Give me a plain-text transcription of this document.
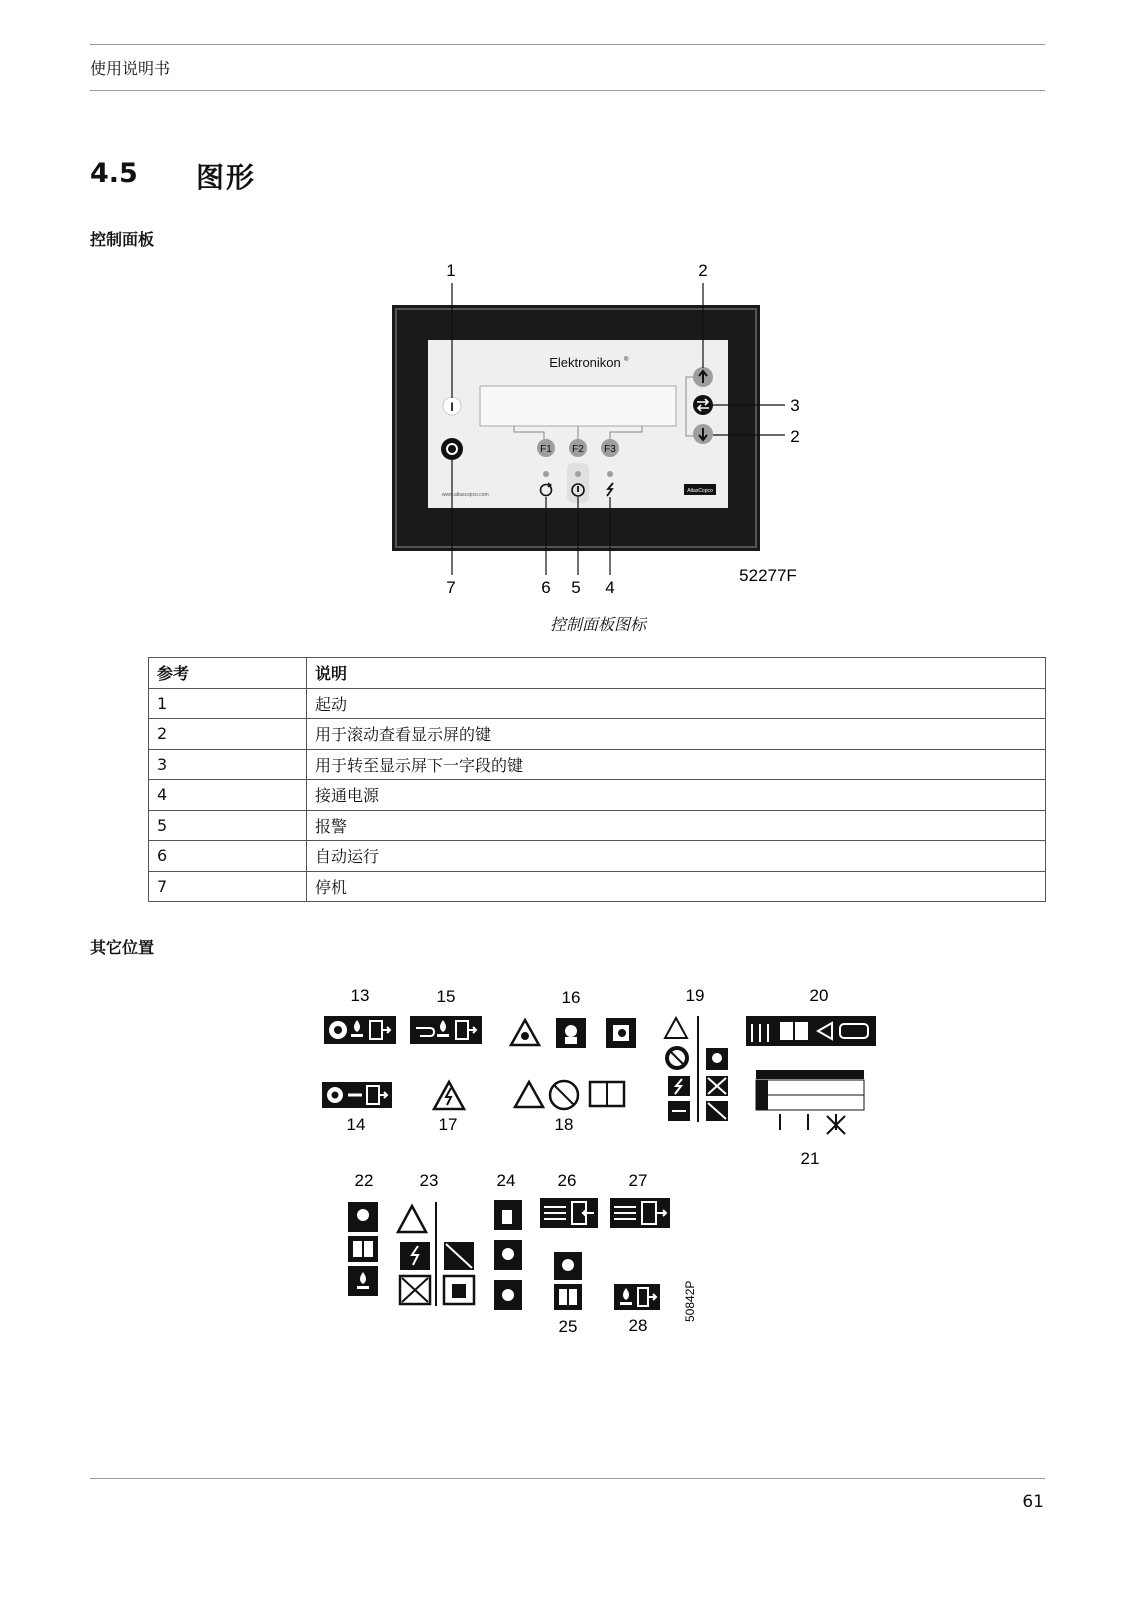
使用说明书
4.5 图形
控制面板
Elektronikon ®
F1 F2 F3
I
www.atlascopco.com
AtlasCopco
1	2
3
2
7	6 5 4
52277F
控制面板图标
参考	说明
1	起动
2	用于滚动查看显示屏的键
3	用于转至显示屏下一字段的键
4	接通电源
5	报警
6	自动运行
7	停机
其它位置
13	15	16	19	20
14	17	18
21
22	23	24 26	27
25	28
50842P
61
